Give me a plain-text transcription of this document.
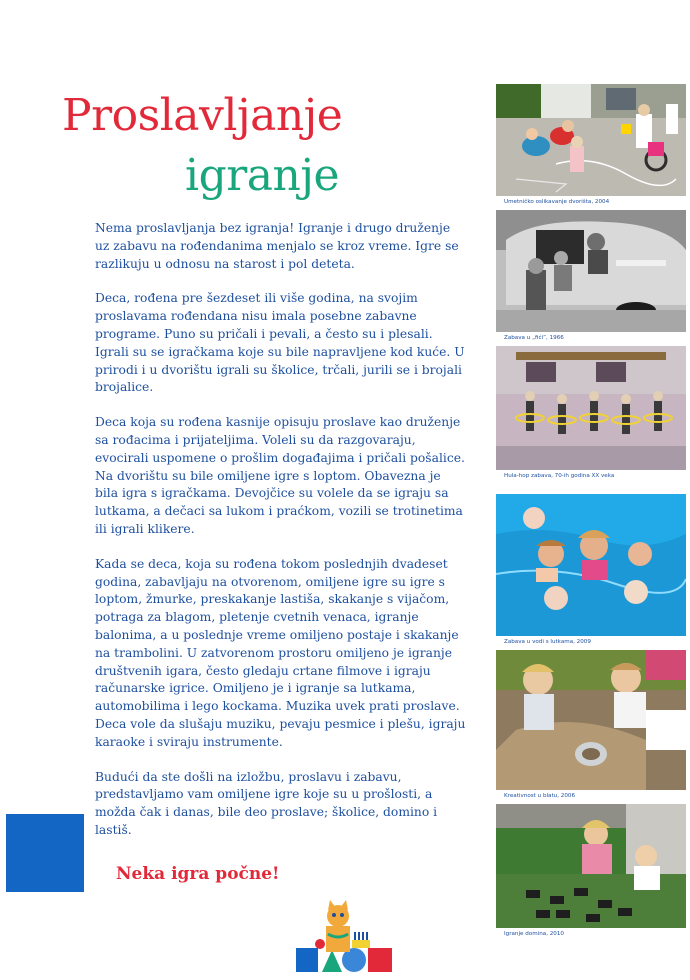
Proslavljanje
igranje

Nema proslavljanja bez igranja! Igranje i drugo druženje uz zabavu na rođendanima menjalo se kroz vreme. Igre se razlikuju u odnosu na starost i pol deteta.

Deca, rođena pre šezdeset ili više godina, na svojim proslavama rođendana nisu imala posebne zabavne programe. Puno su pričali i pevali, a često su i plesali. Igrali su se igračkama koje su bile napravljene kod kuće. U prirodi i u dvorištu igrali su školice, trčali, jurili se i brojali brojalice.

Deca koja su rođena kasnije opisuju proslave kao druženje sa rođacima i prijateljima. Voleli su da razgovaraju, evocirali uspomene o prošlim događajima i pričali pošalice. Na dvorištu su bile omiljene igre s loptom. Obavezna je bila igra s igračkama. Devojčice su volele da se igraju sa lutkama, a dečaci sa lukom i praćkom, vozili se trotinetima ili igrali klikere.

Kada se deca, koja su rođena tokom poslednjih dvadeset godina, zabavljaju na otvorenom, omiljene igre su igre s loptom, žmurke, preskakanje lastiša, skakanje s vijačom, potraga za blagom, pletenje cvetnih venaca, igranje balonima, a u poslednje vreme omiljeno postaje i skakanje na trambolini. U zatvorenom prostoru omiljeno je igranje društvenih igara, često gledaju crtane filmove i igraju računarske igrice. Omiljeno je i igranje sa lutkama, automobilima i lego kockama. Muzika uvek prati proslave. Deca vole da slušaju muziku, pevaju pesmice i plešu, igraju karaoke i sviraju instrumente.

Budući da ste došli na izložbu, proslavu i zabavu, predstavljamo vam omiljene igre koje su u prošlosti, a možda čak i danas, bile deo proslave; školice, domino i lastiš.

Neka igra počne!
Umetničko oslikavanje dvorišta, 2004
Zabava u „fići”, 1966
Hula-hop zabava, 70-ih godina XX veka
Zabava u vodi s lutkama, 2009
Kreativnost u blatu, 2006
Igranje domina, 2010
